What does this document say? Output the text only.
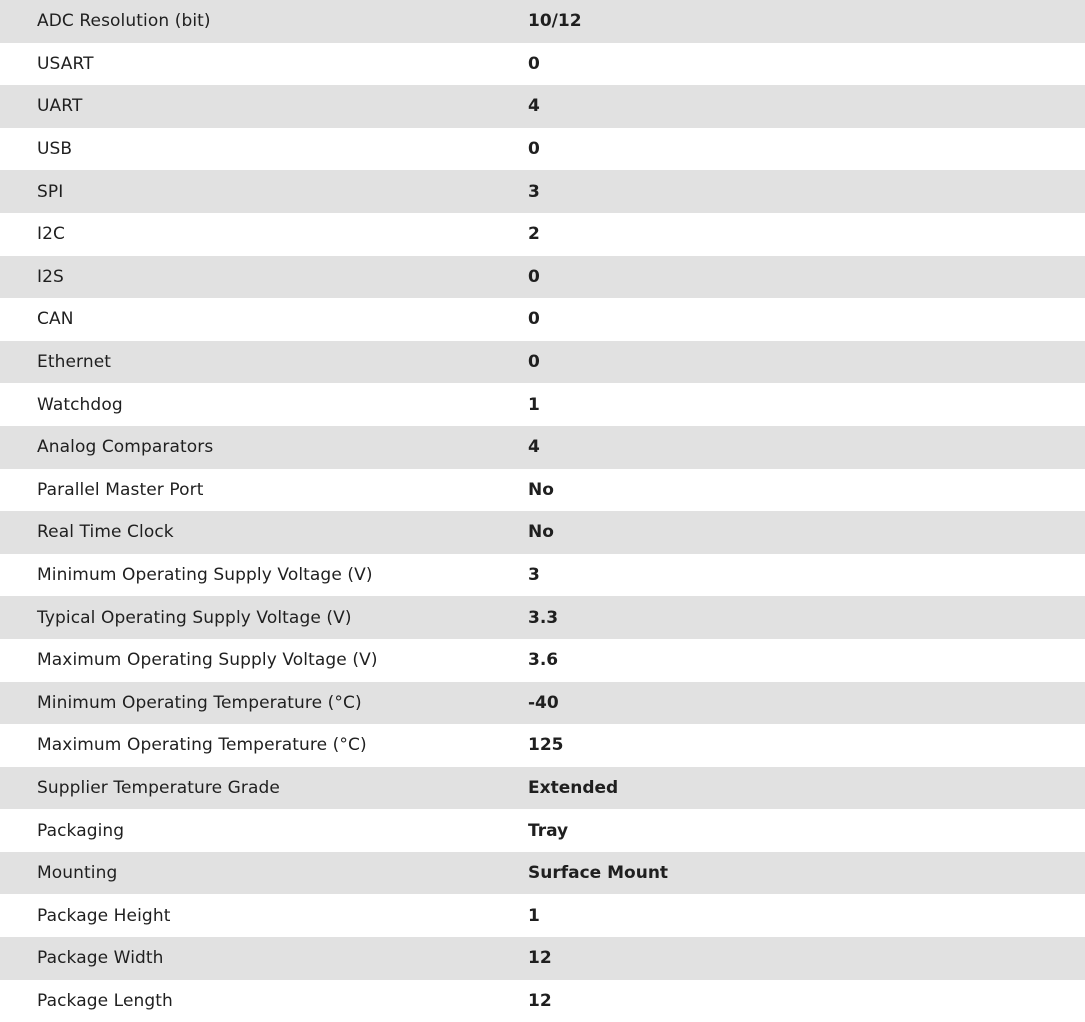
ADC Resolution (bit)	10/12
USART	0
UART	4
USB	0
SPI	3
I2C	2
I2S	0
CAN	0
Ethernet	0
Watchdog	1
Analog Comparators	4
Parallel Master Port	No
Real Time Clock	No
Minimum Operating Supply Voltage (V)	3
Typical Operating Supply Voltage (V)	3.3
Maximum Operating Supply Voltage (V)	3.6
Minimum Operating Temperature (°C)	-40
Maximum Operating Temperature (°C)	125
Supplier Temperature Grade	Extended
Packaging	Tray
Mounting	Surface Mount
Package Height	1
Package Width	12
Package Length	12
